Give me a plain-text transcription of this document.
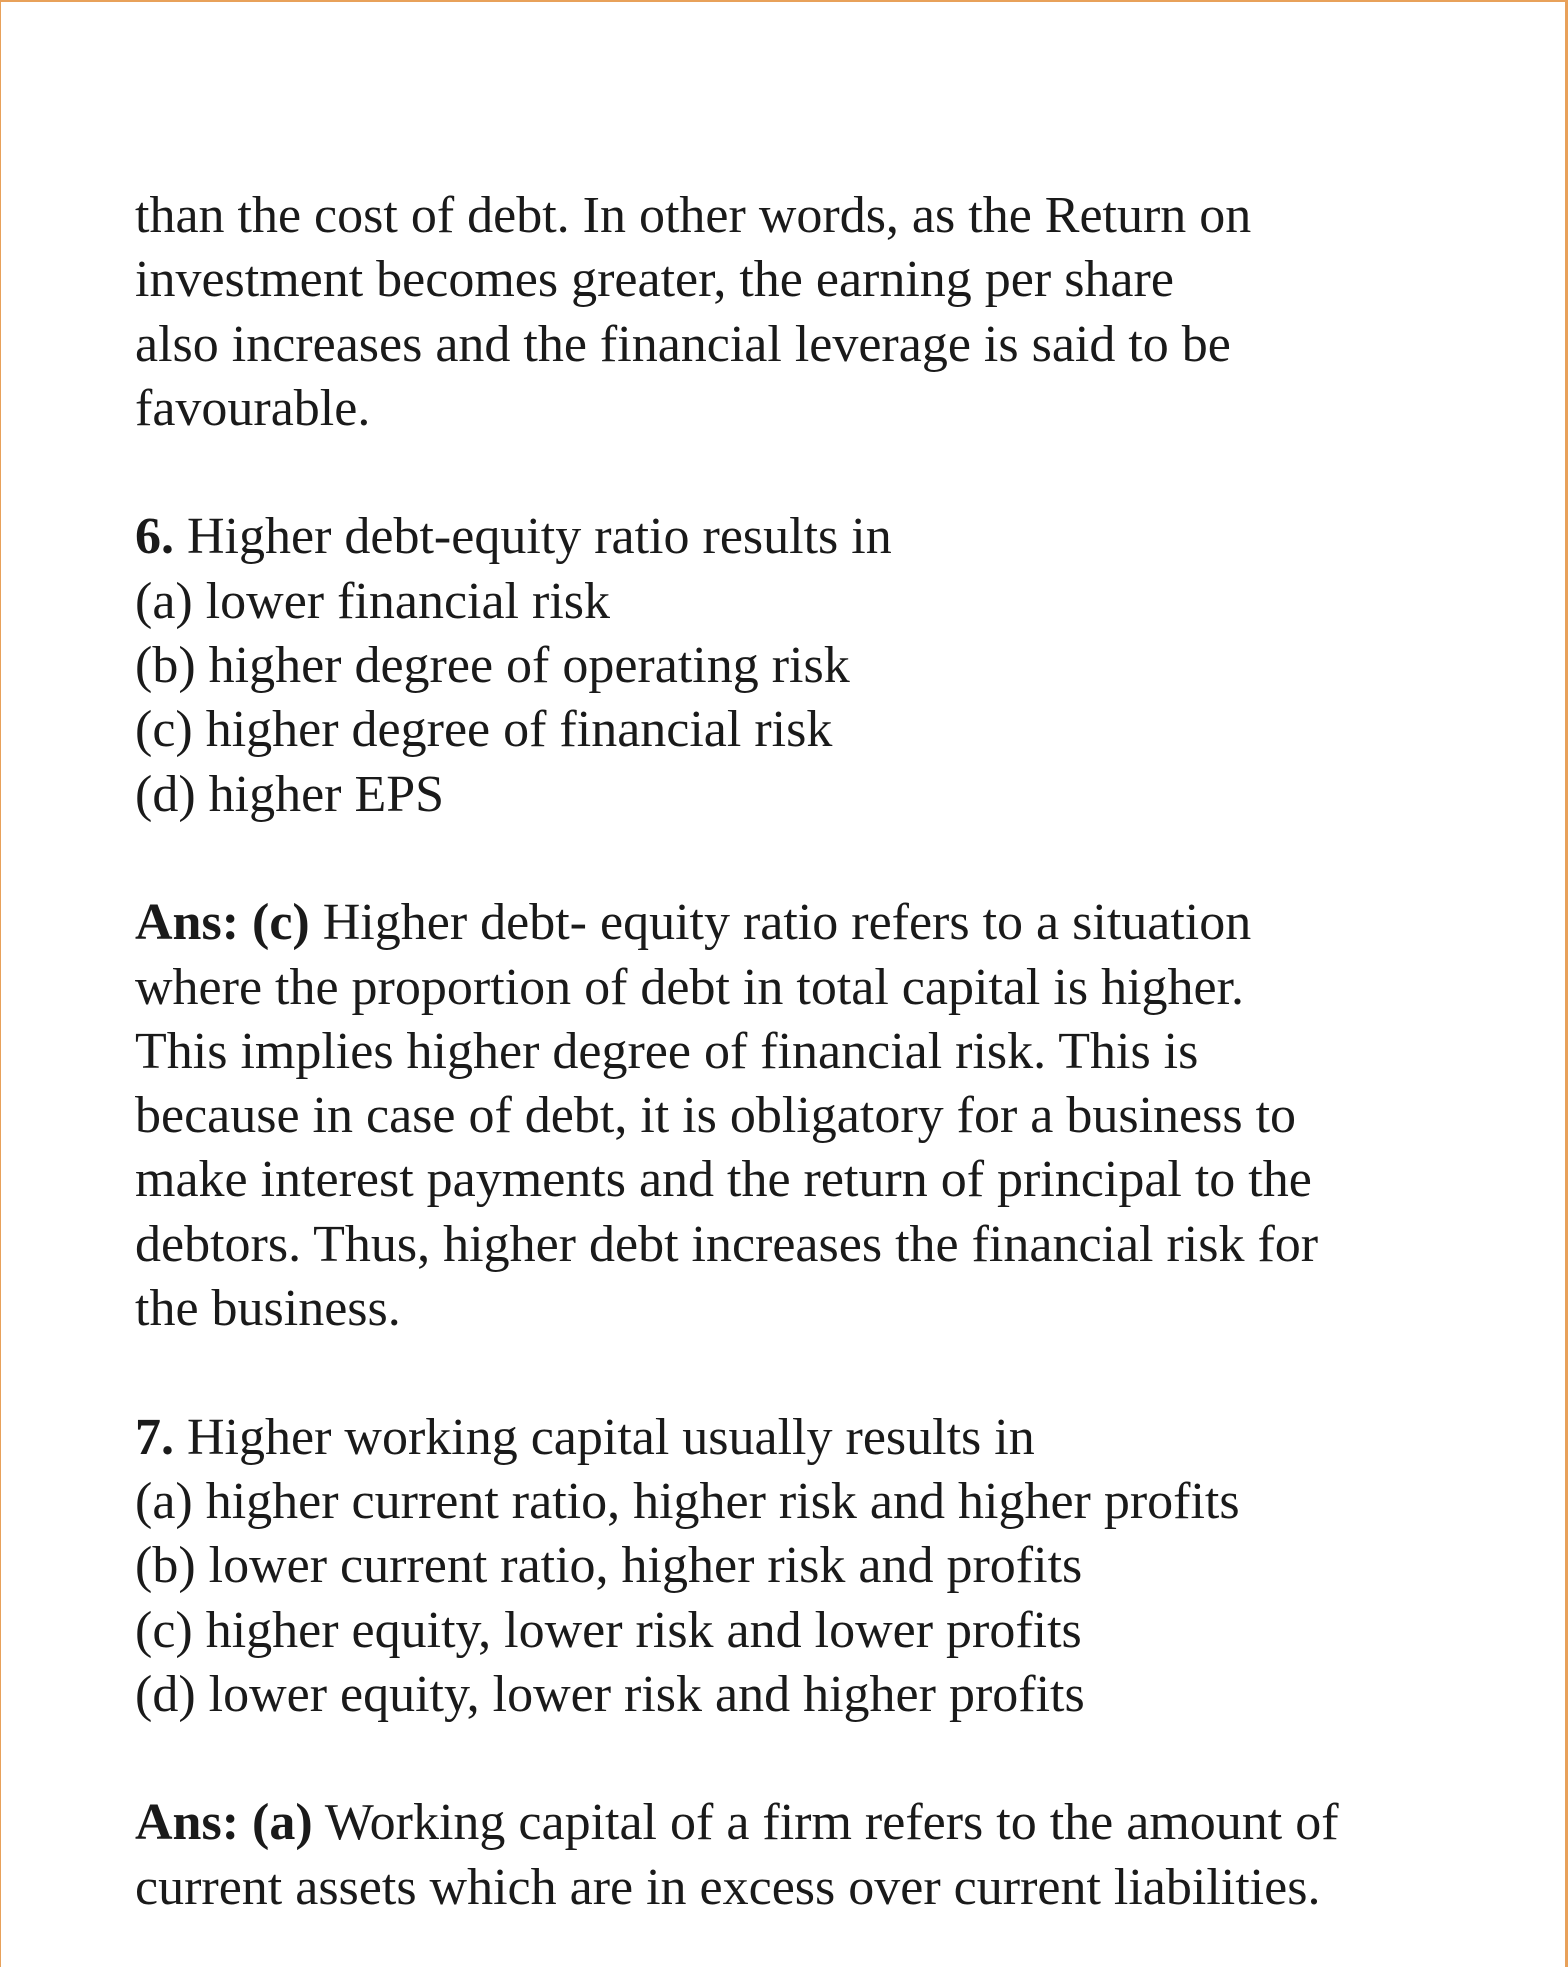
than the cost of debt. In other words, as the Return on
investment becomes greater, the earning per share
also increases and the financial leverage is said to be
favourable.
6. Higher debt-equity ratio results in
(a) lower financial risk
(b) higher degree of operating risk
(c) higher degree of financial risk
(d) higher EPS
Ans: (c) Higher debt- equity ratio refers to a situation
where the proportion of debt in total capital is higher.
This implies higher degree of financial risk. This is
because in case of debt, it is obligatory for a business to
make interest payments and the return of principal to the
debtors. Thus, higher debt increases the financial risk for
the business.
7. Higher working capital usually results in
(a) higher current ratio, higher risk and higher profits
(b) lower current ratio, higher risk and profits
(c) higher equity, lower risk and lower profits
(d) lower equity, lower risk and higher profits
Ans: (a) Working capital of a firm refers to the amount of
current assets which are in excess over current liabilities.
